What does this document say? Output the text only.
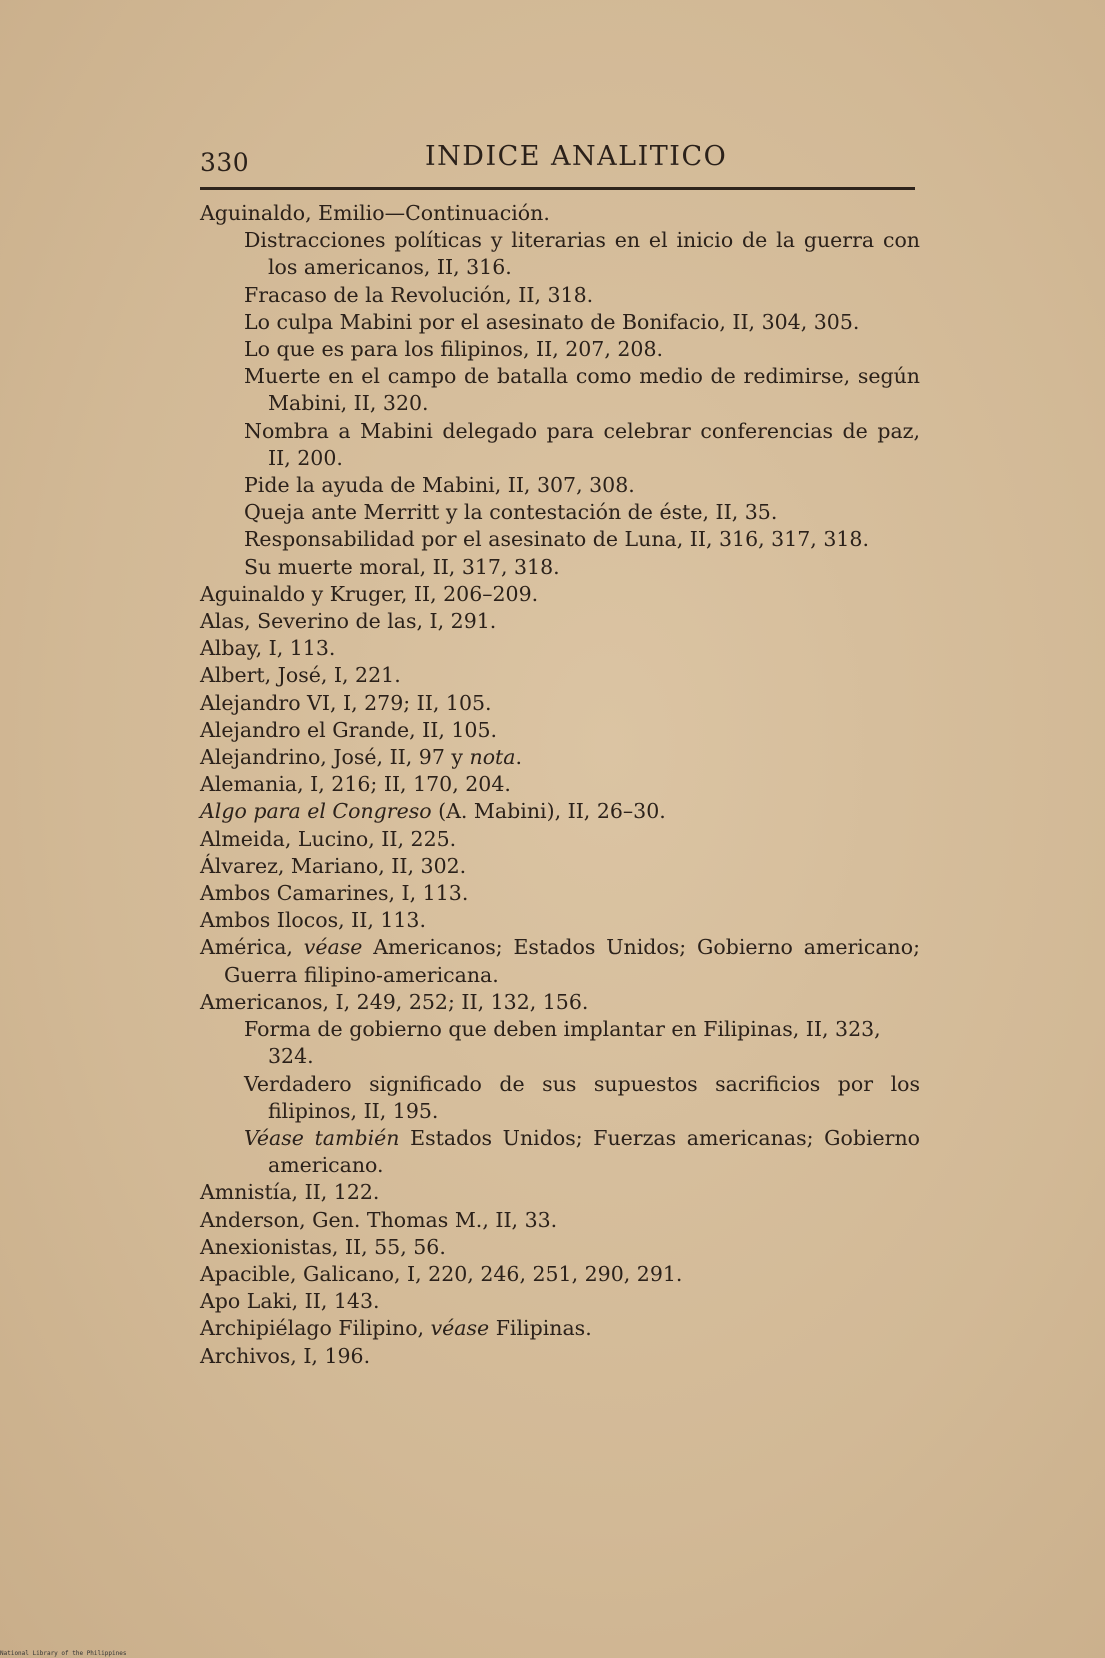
330	INDICE ANALITICO

Aguinaldo, Emilio—Continuación.

Distracciones políticas y literarias en el inicio de la guerra con los americanos, II, 316.

Fracaso de la Revolución, II, 318.

Lo culpa Mabini por el asesinato de Bonifacio, II, 304, 305.

Lo que es para los filipinos, II, 207, 208.

Muerte en el campo de batalla como medio de redimirse, según Mabini, II, 320.

Nombra a Mabini delegado para celebrar conferencias de paz, II, 200.

Pide la ayuda de Mabini, II, 307, 308.

Queja ante Merritt y la contestación de éste, II, 35.

Responsabilidad por el asesinato de Luna, II, 316, 317, 318.

Su muerte moral, II, 317, 318.

Aguinaldo y Kruger, II, 206–209.

Alas, Severino de las, I, 291.

Albay, I, 113.

Albert, José, I, 221.

Alejandro VI, I, 279; II, 105.

Alejandro el Grande, II, 105.

Alejandrino, José, II, 97 y nota.

Alemania, I, 216; II, 170, 204.

Algo para el Congreso (A. Mabini), II, 26–30.

Almeida, Lucino, II, 225.

Álvarez, Mariano, II, 302.

Ambos Camarines, I, 113.

Ambos Ilocos, II, 113.

América, véase Americanos; Estados Unidos; Gobierno americano; Guerra filipino-americana.

Americanos, I, 249, 252; II, 132, 156.

Forma de gobierno que deben implantar en Filipinas, II, 323, 324.

Verdadero significado de sus supuestos sacrificios por los filipinos, II, 195.

Véase también Estados Unidos; Fuerzas americanas; Gobierno americano.

Amnistía, II, 122.

Anderson, Gen. Thomas M., II, 33.

Anexionistas, II, 55, 56.

Apacible, Galicano, I, 220, 246, 251, 290, 291.

Apo Laki, II, 143.

Archipiélago Filipino, véase Filipinas.

Archivos, I, 196.

National Library of the Philippines
